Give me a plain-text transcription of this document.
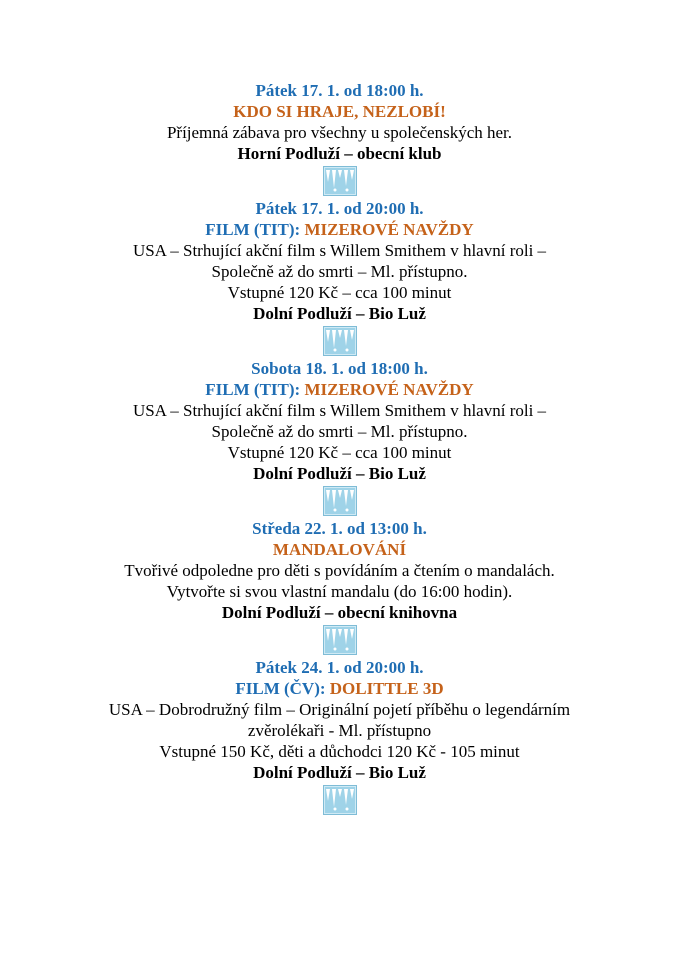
Pátek 17. 1. od 18:00 h.
KDO SI HRAJE, NEZLOBÍ!
Příjemná zábava pro všechny u společenských her.
Horní Podluží – obecní klub
Pátek 17. 1. od 20:00 h.
FILM (TIT): MIZEROVÉ NAVŽDY
USA – Strhující akční film s Willem Smithem v hlavní roli –
Společně až do smrti – Ml. přístupno.
Vstupné 120 Kč – cca 100 minut
Dolní Podluží – Bio Luž
Sobota 18. 1. od 18:00 h.
FILM (TIT): MIZEROVÉ NAVŽDY
USA – Strhující akční film s Willem Smithem v hlavní roli –
Společně až do smrti – Ml. přístupno.
Vstupné 120 Kč – cca 100 minut
Dolní Podluží – Bio Luž
Středa 22. 1. od 13:00 h.
MANDALOVÁNÍ
Tvořivé odpoledne pro děti s povídáním a čtením o mandalách.
Vytvořte si svou vlastní mandalu (do 16:00 hodin).
Dolní Podluží – obecní knihovna
Pátek 24. 1. od 20:00 h.
FILM (ČV): DOLITTLE 3D
USA – Dobrodružný film – Originální pojetí příběhu o legendárním
zvěrolékaři - Ml. přístupno
Vstupné 150 Kč, děti a důchodci 120 Kč - 105 minut
Dolní Podluží – Bio Luž
